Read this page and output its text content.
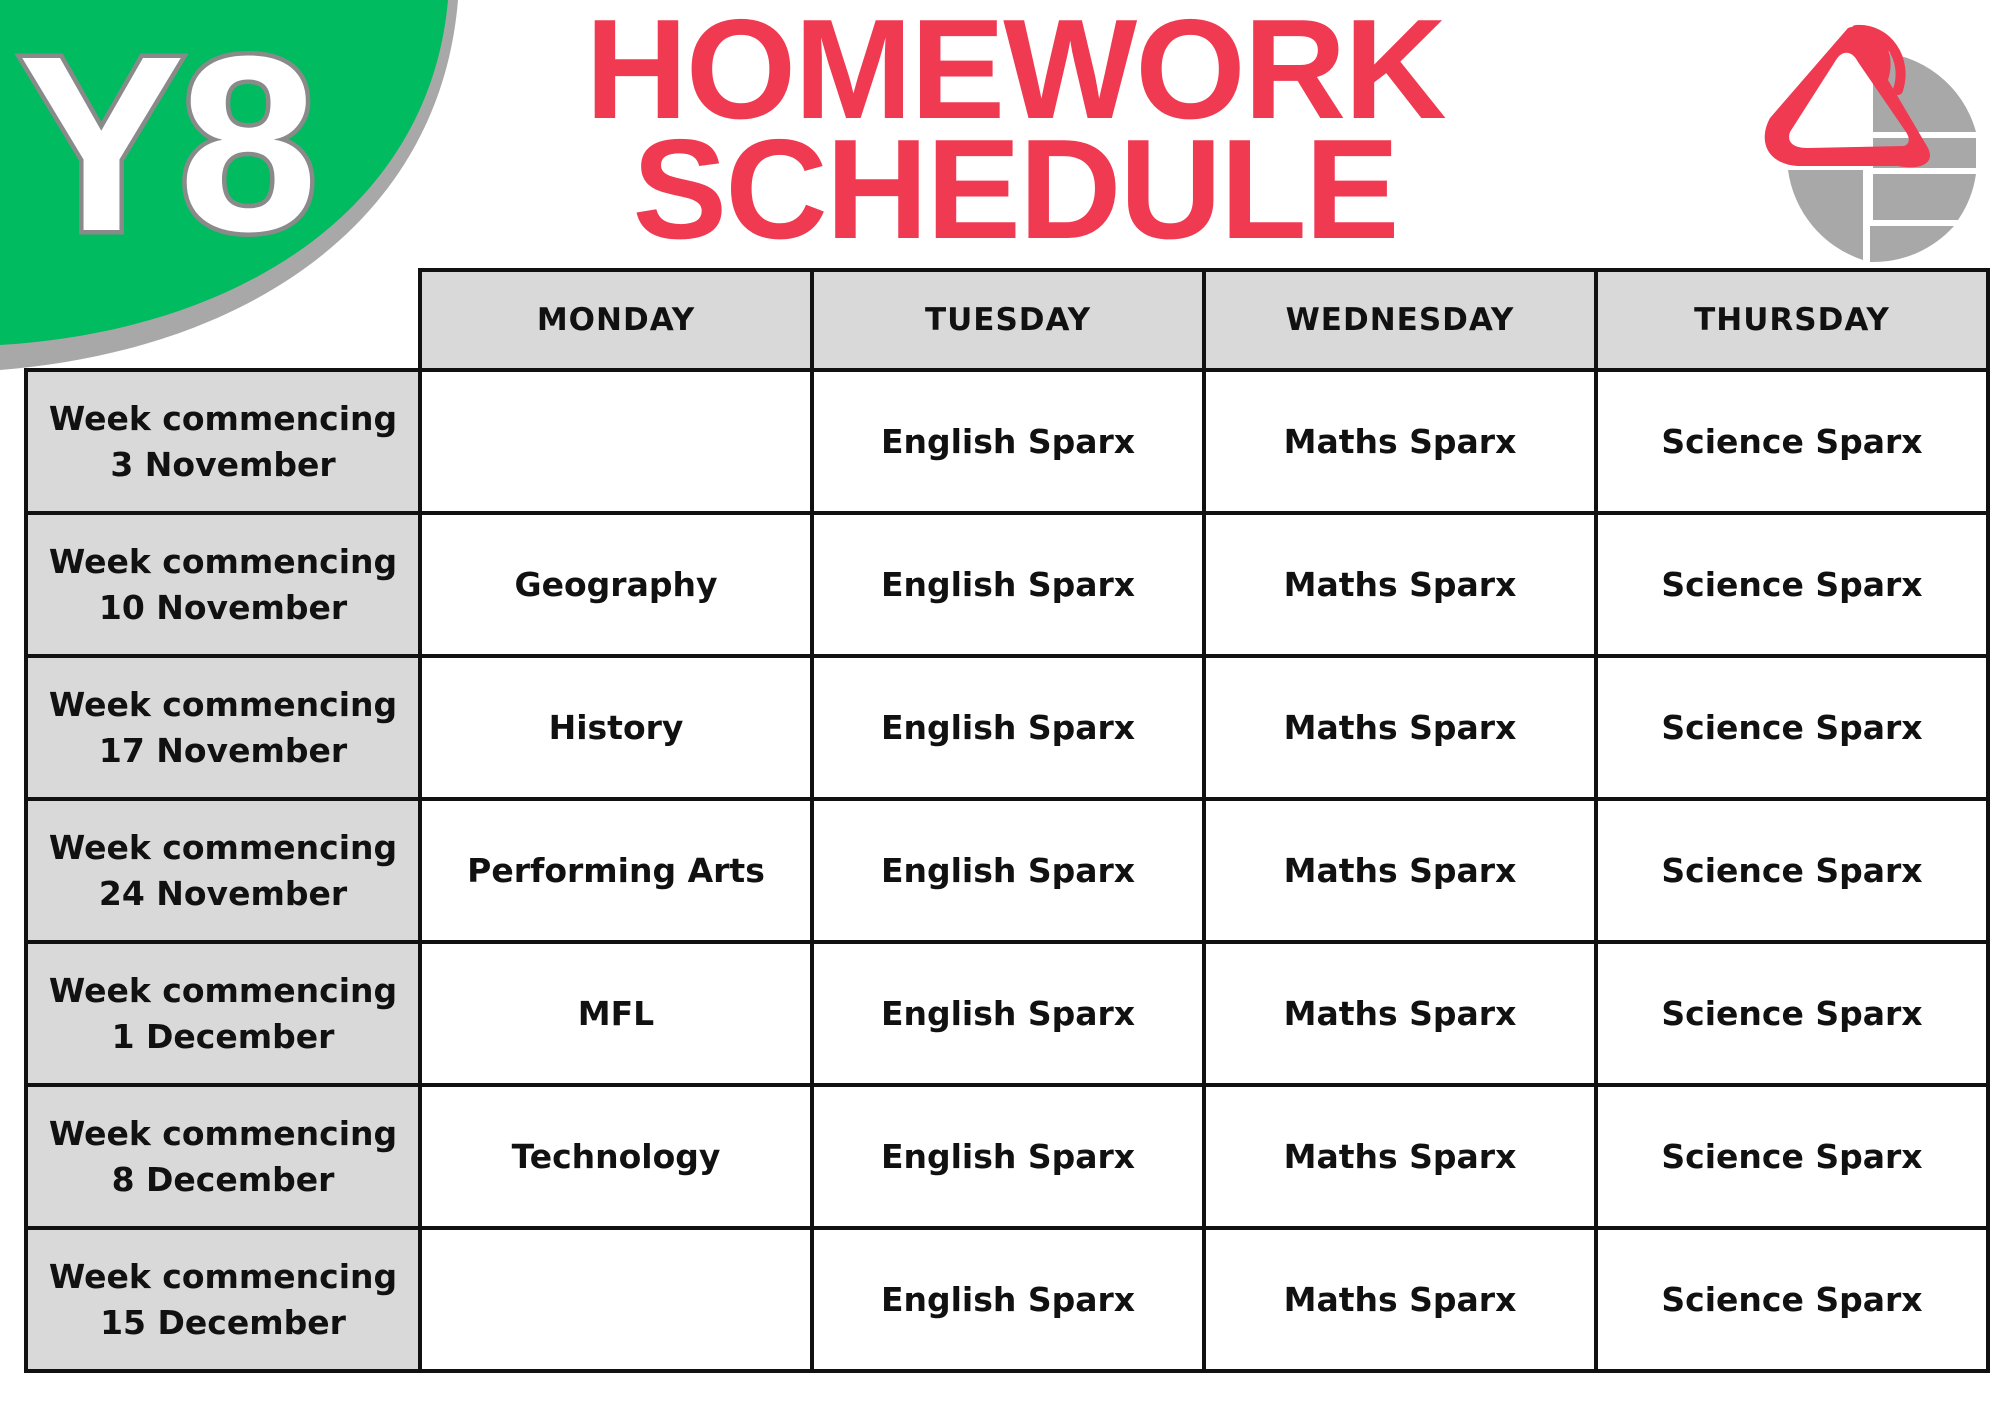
Y8	HOMEWORK
SCHEDULE
	MONDAY	TUESDAY	WEDNESDAY	THURSDAY

Week commencing
3 November		English Sparx	Maths Sparx	Science Sparx

Week commencing
10 November	Geography	English Sparx	Maths Sparx	Science Sparx

Week commencing
17 November	History	English Sparx	Maths Sparx	Science Sparx

Week commencing
24 November	Performing Arts	English Sparx	Maths Sparx	Science Sparx

Week commencing
1 December	MFL	English Sparx	Maths Sparx	Science Sparx

Week commencing
8 December	Technology	English Sparx	Maths Sparx	Science Sparx

Week commencing
15 December		English Sparx	Maths Sparx	Science Sparx
